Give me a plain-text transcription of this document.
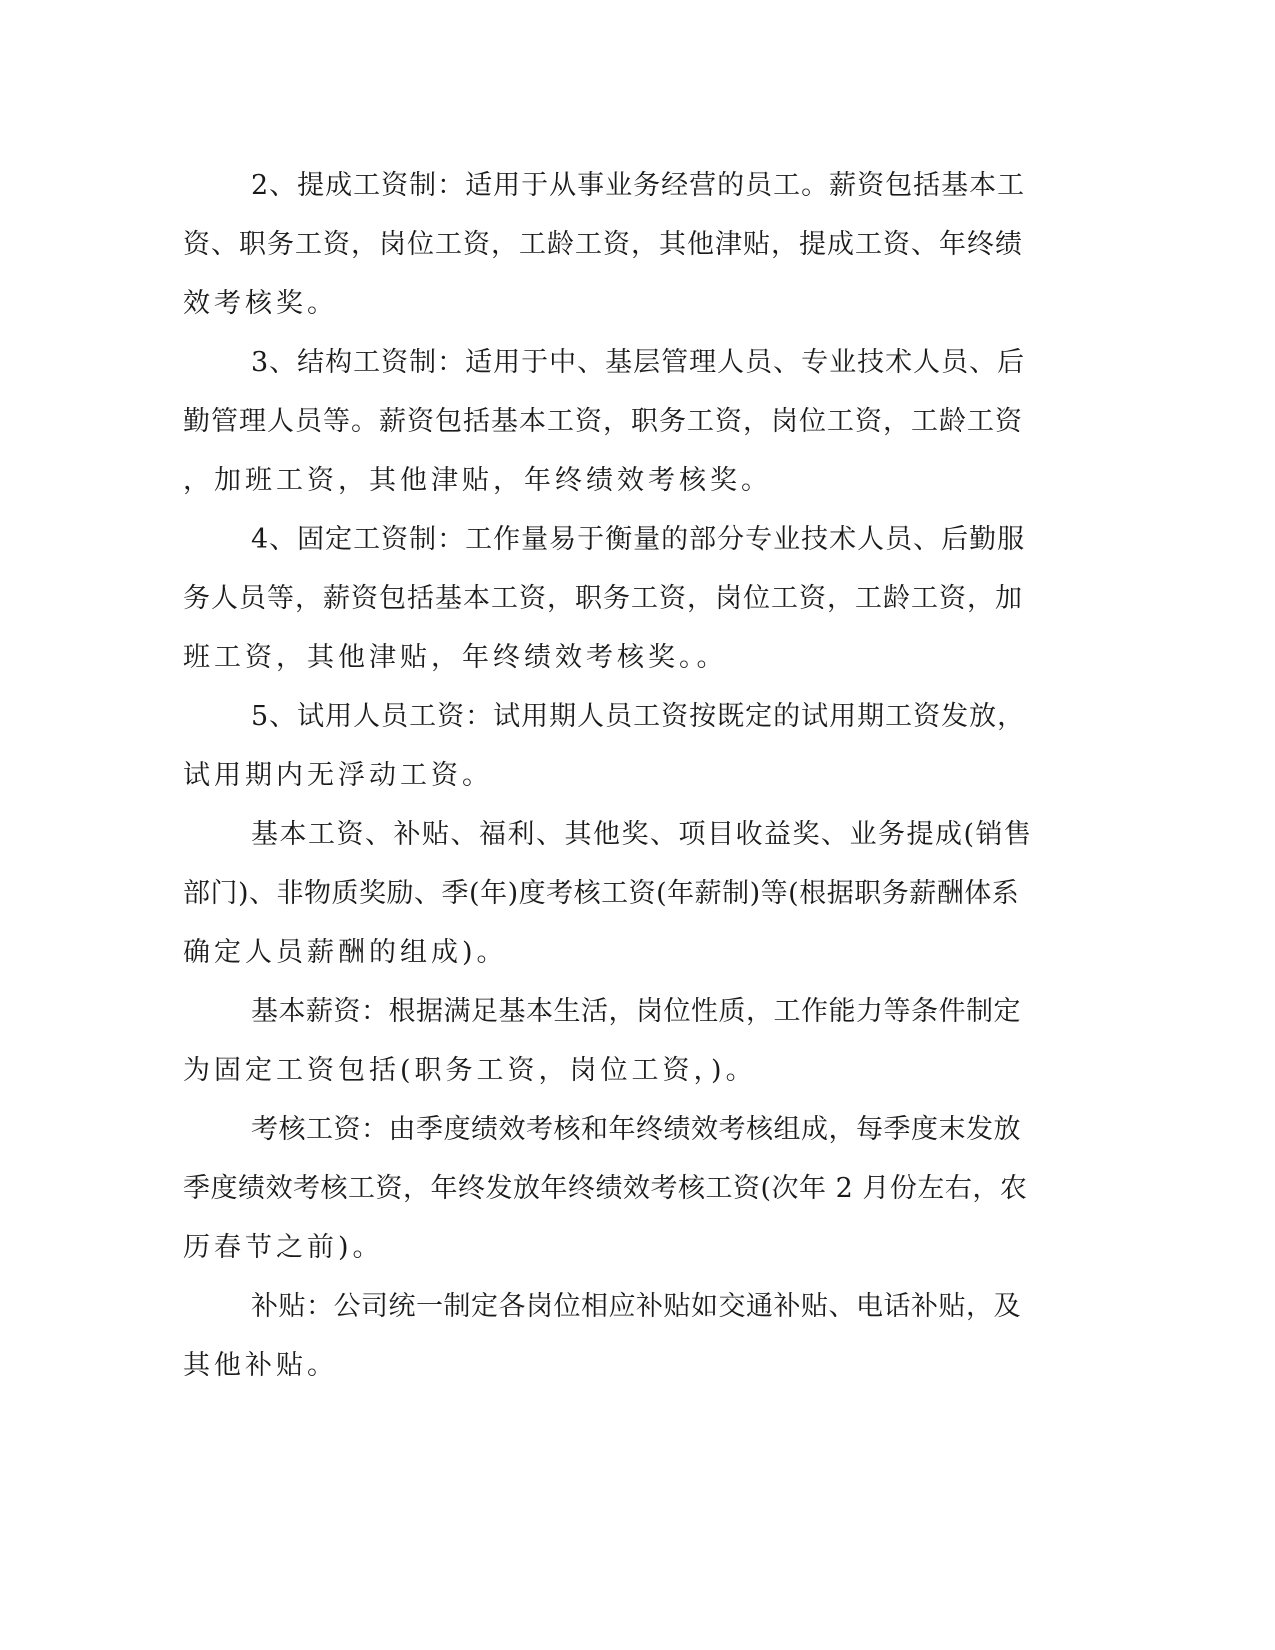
2、提成工资制：适用于从事业务经营的员工。薪资包括基本工
资、职务工资，岗位工资，工龄工资，其他津贴，提成工资、年终绩
效考核奖。
3、结构工资制：适用于中、基层管理人员、专业技术人员、后
勤管理人员等。薪资包括基本工资，职务工资，岗位工资，工龄工资
，加班工资，其他津贴，年终绩效考核奖。
4、固定工资制：工作量易于衡量的部分专业技术人员、后勤服
务人员等，薪资包括基本工资，职务工资，岗位工资，工龄工资，加
班工资，其他津贴，年终绩效考核奖。。
5、试用人员工资：试用期人员工资按既定的试用期工资发放，
试用期内无浮动工资。
基本工资、补贴、福利、其他奖、项目收益奖、业务提成(销售
部门)、非物质奖励、季(年)度考核工资(年薪制)等(根据职务薪酬体系
确定人员薪酬的组成)。
基本薪资：根据满足基本生活，岗位性质，工作能力等条件制定
为固定工资包括(职务工资，岗位工资，)。
考核工资：由季度绩效考核和年终绩效考核组成，每季度末发放
季度绩效考核工资，年终发放年终绩效考核工资(次年 2 月份左右，农
历春节之前)。
补贴：公司统一制定各岗位相应补贴如交通补贴、电话补贴，及
其他补贴。
